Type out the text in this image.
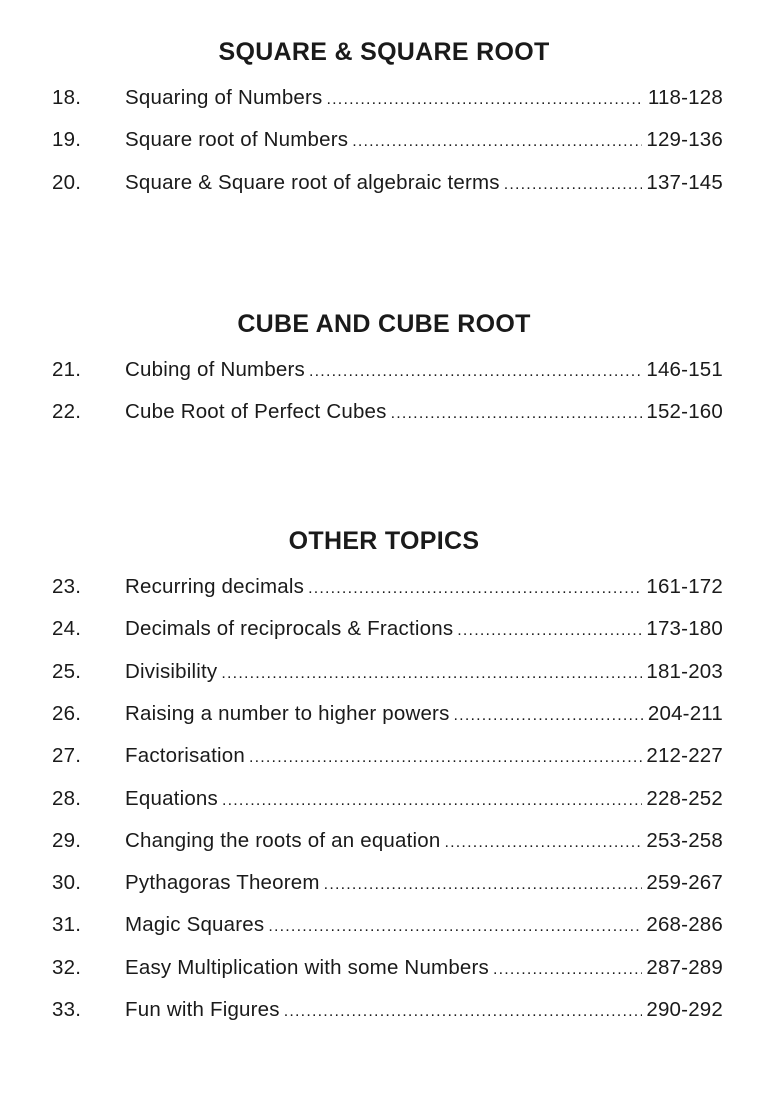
SQUARE & SQUARE ROOT
18.	Squaring of Numbers .....	118-128
19.	Square root of Numbers .....	129-136
20.	Square & Square root of algebraic terms .....	137-145
CUBE AND CUBE ROOT
21.	Cubing of Numbers .....	146-151
22.	Cube Root of Perfect Cubes .....	152-160
OTHER TOPICS
23.	Recurring decimals .....	161-172
24.	Decimals of reciprocals & Fractions .....	173-180
25.	Divisibility .....	181-203
26.	Raising a number to higher powers .....	204-211
27.	Factorisation .....	212-227
28.	Equations .....	228-252
29.	Changing the roots of an equation .....	253-258
30.	Pythagoras Theorem .....	259-267
31.	Magic Squares .....	268-286
32.	Easy Multiplication with some Numbers .....	287-289
33.	Fun with Figures .....	290-292
